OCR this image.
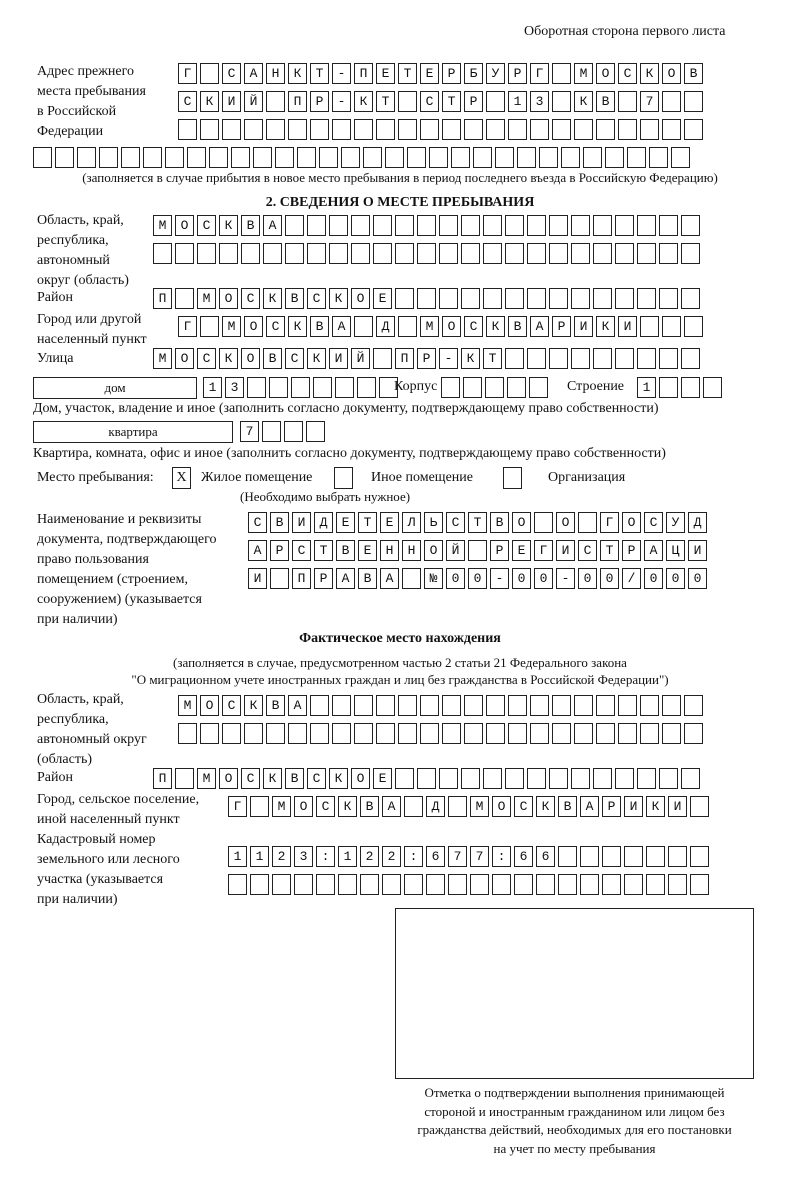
Оборотная сторона первого листа
Адрес прежнего
места пребывания
в Российской
Федерации
Г САНКТ-ПЕТЕРБУРГ МОСКОВ
СКИЙ ПР-КТ СТР 13 КВ 7

(заполняется в случае прибытия в новое место пребывания в период последнего въезда в Российскую Федерацию)
2. СВЕДЕНИЯ О МЕСТЕ ПРЕБЫВАНИЯ
Область, край,
республика,
автономный
округ (область)
МОСКВА

Район	П МОСКВСКОЕ
Город или другой
населенный пункт
Г МОСКВА Д МОСКВАРИКИ
Улица	МОСКОВСКИЙ ПР-КТ
дом	13
Корпус
	Строение	1
Дом, участок, владение и иное (заполнить согласно документу, подтверждающему право собственности)
квартира	7
Квартира, комната, офис и иное (заполнить согласно документу, подтверждающему право собственности)
Место пребывания:	X	Жилое помещение	Иное помещение	Организация
(Необходимо выбрать нужное)
Наименование и реквизиты
документа, подтверждающего
право пользования
помещением (строением,
сооружением) (указывается
при наличии)
СВИДЕТЕЛЬСТВО О ГОСУД
АРСТВЕННОЙ РЕГИСТРАЦИ
И ПРАВА №00-00-00/000
Фактическое место нахождения
(заполняется в случае, предусмотренном частью 2 статьи 21 Федерального закона
"О миграционном учете иностранных граждан и лиц без гражданства в Российской Федерации")
Область, край,
республика,
автономный округ
(область)
МОСКВА

Район	П МОСКВСКОЕ
Город, сельское поселение,
иной населенный пункт
Г МОСКВА Д МОСКВАРИКИ
Кадастровый номер
земельного или лесного
участка (указывается
при наличии)
1123:122:677:66

Отметка о подтверждении выполнения принимающей
стороной и иностранным гражданином или лицом без
гражданства действий, необходимых для его постановки
на учет по месту пребывания
